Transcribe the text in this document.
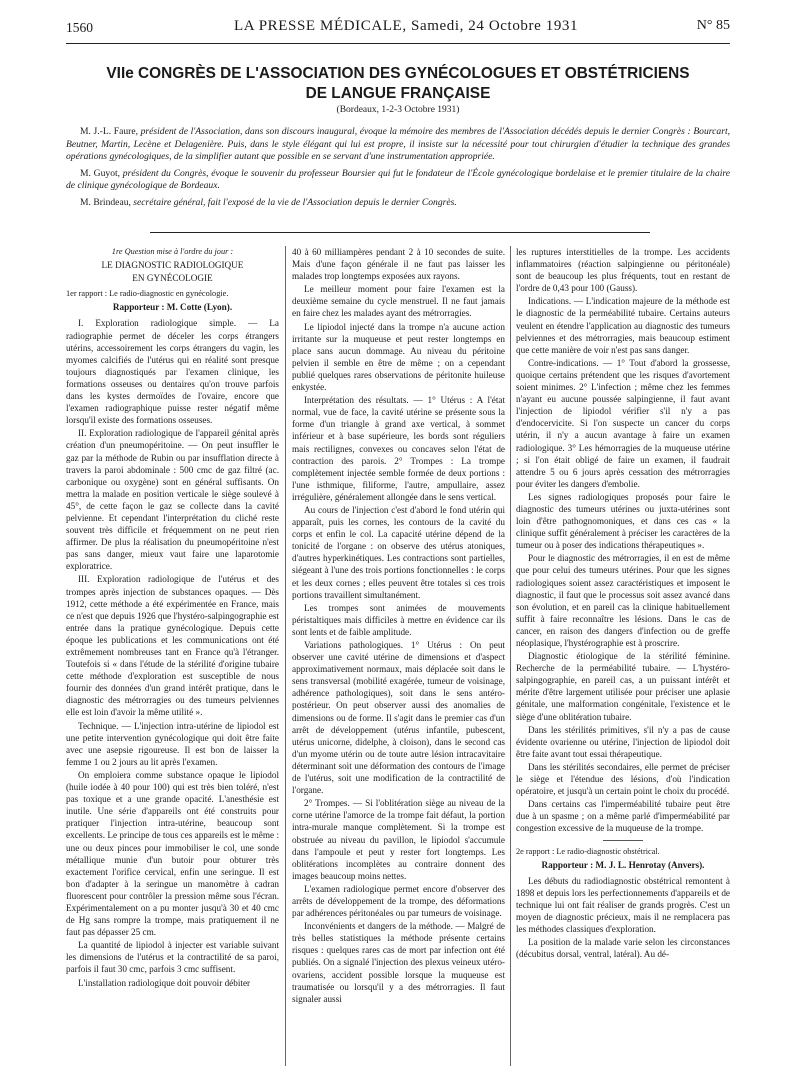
1560	LA PRESSE MÉDICALE, Samedi, 24 Octobre 1931	N° 85
VIIe CONGRÈS DE L'ASSOCIATION DES GYNÉCOLOGUES ET OBSTÉTRICIENS
DE LANGUE FRANÇAISE
(Bordeaux, 1-2-3 Octobre 1931)

M. J.-L. Faure, président de l'Association, dans son discours inaugural, évoque la mémoire des membres de l'Association décédés depuis le dernier Congrès : Bourcart, Beutner, Martin, Lecène et Delagenière. Puis, dans le style élégant qui lui est propre, il insiste sur la nécessité pour tout chirurgien d'étudier la technique des grandes opérations gynécologiques, de la simplifier autant que possible en se servant d'une instrumentation appropriée.

M. Guyot, président du Congrès, évoque le souvenir du professeur Boursier qui fut le fondateur de l'École gynécologique bordelaise et le premier titulaire de la chaire de clinique gynécologique de Bordeaux.

M. Brindeau, secrétaire général, fait l'exposé de la vie de l'Association depuis le dernier Congrès.

1re Question mise à l'ordre du jour :

LE DIAGNOSTIC RADIOLOGIQUE

EN GYNÉCOLOGIE

1er rapport : Le radio-diagnostic en gynécologie.

Rapporteur : M. Cotte (Lyon).

I. Exploration radiologique simple. — La radiographie permet de déceler les corps étrangers utérins, accessoirement les corps étrangers du vagin, les myomes calcifiés de l'utérus qui en réalité sont presque toujours diagnostiqués par l'examen clinique, les formations osseuses ou dentaires qu'on trouve parfois dans les kystes dermoïdes de l'ovaire, encore que l'examen radiographique puisse rester négatif même lorsqu'il existe des formations osseuses.

II. Exploration radiologique de l'appareil génital après création d'un pneumopéritoine. — On peut insuffler le gaz par la méthode de Rubin ou par insufflation directe à travers la paroi abdominale : 500 cmc de gaz filtré (ac. carbonique ou oxygène) sont en général suffisants. On mettra la malade en position verticale le siège soulevé à 45°, de cette façon le gaz se collecte dans la cavité pelvienne. Et cependant l'interprétation du cliché reste souvent très difficile et fréquemment on ne peut rien affirmer. De plus la réalisation du pneumopéritoine n'est pas sans danger, mieux vaut faire une laparotomie exploratrice.

III. Exploration radiologique de l'utérus et des trompes après injection de substances opaques. — Dès 1912, cette méthode a été expérimentée en France, mais ce n'est que depuis 1926 que l'hystéro-salpingographie est entrée dans la pratique gynécologique. Depuis cette époque les publications et les communications ont été extrêmement nombreuses tant en France qu'à l'étranger. Toutefois si « dans l'étude de la stérilité d'origine tubaire cette méthode d'exploration est susceptible de nous fournir des données d'un grand intérêt pratique, dans le diagnostic des métrorragies ou des tumeurs pelviennes elle est loin d'avoir la même utilité ».

Technique. — L'injection intra-utérine de lipiodol est une petite intervention gynécologique qui doit être faite avec une asepsie rigoureuse. Il est bon de laisser la femme 1 ou 2 jours au lit après l'examen.

On emploiera comme substance opaque le lipiodol (huile iodée à 40 pour 100) qui est très bien toléré, n'est pas toxique et a une grande opacité. L'anesthésie est inutile. Une série d'appareils ont été construits pour pratiquer l'injection intra-utérine, beaucoup sont excellents. Le principe de tous ces appareils est le même : une ou deux pinces pour immobiliser le col, une sonde métallique munie d'un butoir pour obturer très exactement l'orifice cervical, enfin une seringue. Il est bon d'adapter à la seringue un manomètre à cadran fluorescent pour contrôler la pression même sous l'écran. Expérimentalement on a pu monter jusqu'à 30 et 40 cmc de Hg sans rompre la trompe, mais pratiquement il ne faut pas dépasser 25 cm.

La quantité de lipiodol à injecter est variable suivant les dimensions de l'utérus et la contractilité de sa paroi, parfois il faut 30 cmc, parfois 3 cmc suffisent.

L'installation radiologique doit pouvoir débiter

40 à 60 milliampères pendant 2 à 10 secondes de suite. Mais d'une façon générale il ne faut pas laisser les malades trop longtemps exposées aux rayons.

Le meilleur moment pour faire l'examen est la deuxième semaine du cycle menstruel. Il ne faut jamais en faire chez les malades ayant des métrorragies.

Le lipiodol injecté dans la trompe n'a aucune action irritante sur la muqueuse et peut rester longtemps en place sans aucun dommage. Au niveau du péritoine pelvien il semble en être de même ; on a cependant publié quelques rares observations de péritonite huileuse enkystée.

Interprétation des résultats. — 1° Utérus : A l'état normal, vue de face, la cavité utérine se présente sous la forme d'un triangle à grand axe vertical, à sommet inférieur et à base supérieure, les bords sont réguliers mais rectilignes, convexes ou concaves selon l'état de contraction des parois. 2° Trompes : La trompe complètement injectée semble formée de deux portions : l'une isthmique, filiforme, l'autre, ampullaire, assez irrégulière, généralement allongée dans le sens vertical.

Au cours de l'injection c'est d'abord le fond utérin qui apparaît, puis les cornes, les contours de la cavité du corps et enfin le col. La capacité utérine dépend de la tonicité de l'organe : on observe des utérus atoniques, d'autres hyperkinétiques. Les contractions sont partielles, siégeant à l'une des trois portions fonctionnelles : le corps et les deux cornes ; elles peuvent être totales si ces trois portions travaillent simultanément.

Les trompes sont animées de mouvements péristaltiques mais difficiles à mettre en évidence car ils sont lents et de faible amplitude.

Variations pathologiques. 1° Utérus : On peut observer une cavité utérine de dimensions et d'aspect approximativement normaux, mais déplacée soit dans le sens transversal (mobilité exagérée, tumeur de voisinage, adhérence pathologiques), soit dans le sens antéro-postérieur. On peut observer aussi des anomalies de dimensions ou de forme. Il s'agit dans le premier cas d'un arrêt de développement (utérus infantile, pubescent, utérus unicorne, didelphe, à cloison), dans le second cas d'un myome utérin ou de toute autre lésion intracavitaire déterminant soit une déformation des contours de l'image de l'utérus, soit une modification de la contractilité de l'organe.

2° Trompes. — Si l'oblitération siège au niveau de la corne utérine l'amorce de la trompe fait défaut, la portion intra-murale manque complètement. Si la trompe est obstruée au niveau du pavillon, le lipiodol s'accumule dans l'ampoule et peut y rester fort longtemps. Les oblitérations incomplètes au contraire donnent des images beaucoup moins nettes.

L'examen radiologique permet encore d'observer des arrêts de développement de la trompe, des déformations par adhérences péritonéales ou par tumeurs de voisinage.

Inconvénients et dangers de la méthode. — Malgré de très belles statistiques la méthode présente certains risques : quelques rares cas de mort par infection ont été publiés. On a signalé l'injection des plexus veineux utéro-ovariens, accident possible lorsque la muqueuse est traumatisée ou lorsqu'il y a des métrorragies. Il faut signaler aussi

les ruptures interstitielles de la trompe. Les accidents inflammatoires (réaction salpingienne ou péritonéale) sont de beaucoup les plus fréquents, tout en restant de l'ordre de 0,43 pour 100 (Gauss).

Indications. — L'indication majeure de la méthode est le diagnostic de la perméabilité tubaire. Certains auteurs veulent en étendre l'application au diagnostic des tumeurs pelviennes et des métrorragies, mais beaucoup estiment que cette manière de voir n'est pas sans danger.

Contre-indications. — 1° Tout d'abord la grossesse, quoique certains prétendent que les risques d'avortement soient minimes. 2° L'infection ; même chez les femmes n'ayant eu aucune poussée salpingienne, il faut avant l'injection de lipiodol vérifier s'il n'y a pas d'endocervicite. Si l'on suspecte un cancer du corps utérin, il n'y a aucun avantage à faire un examen radiologique. 3° Les hémorragies de la muqueuse utérine ; si l'on était obligé de faire un examen, il faudrait attendre 5 ou 6 jours après cessation des métrorragies pour éviter les dangers d'embolie.

Les signes radiologiques proposés pour faire le diagnostic des tumeurs utérines ou juxta-utérines sont loin d'être pathognomoniques, et dans ces cas « la clinique suffit généralement à préciser les caractères de la tumeur ou à poser des indications thérapeutiques ».

Pour le diagnostic des métrorragies, il en est de même que pour celui des tumeurs utérines. Pour que les signes radiologiques soient assez caractéristiques et imposent le diagnostic, il faut que le processus soit assez avancé dans son évolution, et en pareil cas la clinique habituellement suffit à faire reconnaître les lésions. Dans le cas de cancer, en raison des dangers d'infection ou de greffe néoplasique, l'hystérographie est à proscrire.

Diagnostic étiologique de la stérilité féminine. Recherche de la perméabilité tubaire. — L'hystéro-salpingographie, en pareil cas, a un puissant intérêt et mérite d'être largement utilisée pour préciser une aplasie génitale, une malformation congénitale, l'existence et le siège d'une oblitération tubaire.

Dans les stérilités primitives, s'il n'y a pas de cause évidente ovarienne ou utérine, l'injection de lipiodol doit être faite avant tout essai thérapeutique.

Dans les stérilités secondaires, elle permet de préciser le siège et l'étendue des lésions, d'où l'indication opératoire, et jusqu'à un certain point le choix du procédé.

Dans certains cas l'imperméabilité tubaire peut être due à un spasme ; on a même parlé d'imperméabilité par congestion excessive de la muqueuse de la trompe.

2e rapport : Le radio-diagnostic obstétrical.

Rapporteur : M. J. L. Henrotay (Anvers).

Les débuts du radiodiagnostic obstétrical remontent à 1898 et depuis lors les perfectionnements d'appareils et de technique lui ont fait réaliser de grands progrès. C'est un moyen de diagnostic précieux, mais il ne remplacera pas les méthodes classiques d'exploration.

La position de la malade varie selon les circonstances (décubitus dorsal, ventral, latéral). Au dé-
